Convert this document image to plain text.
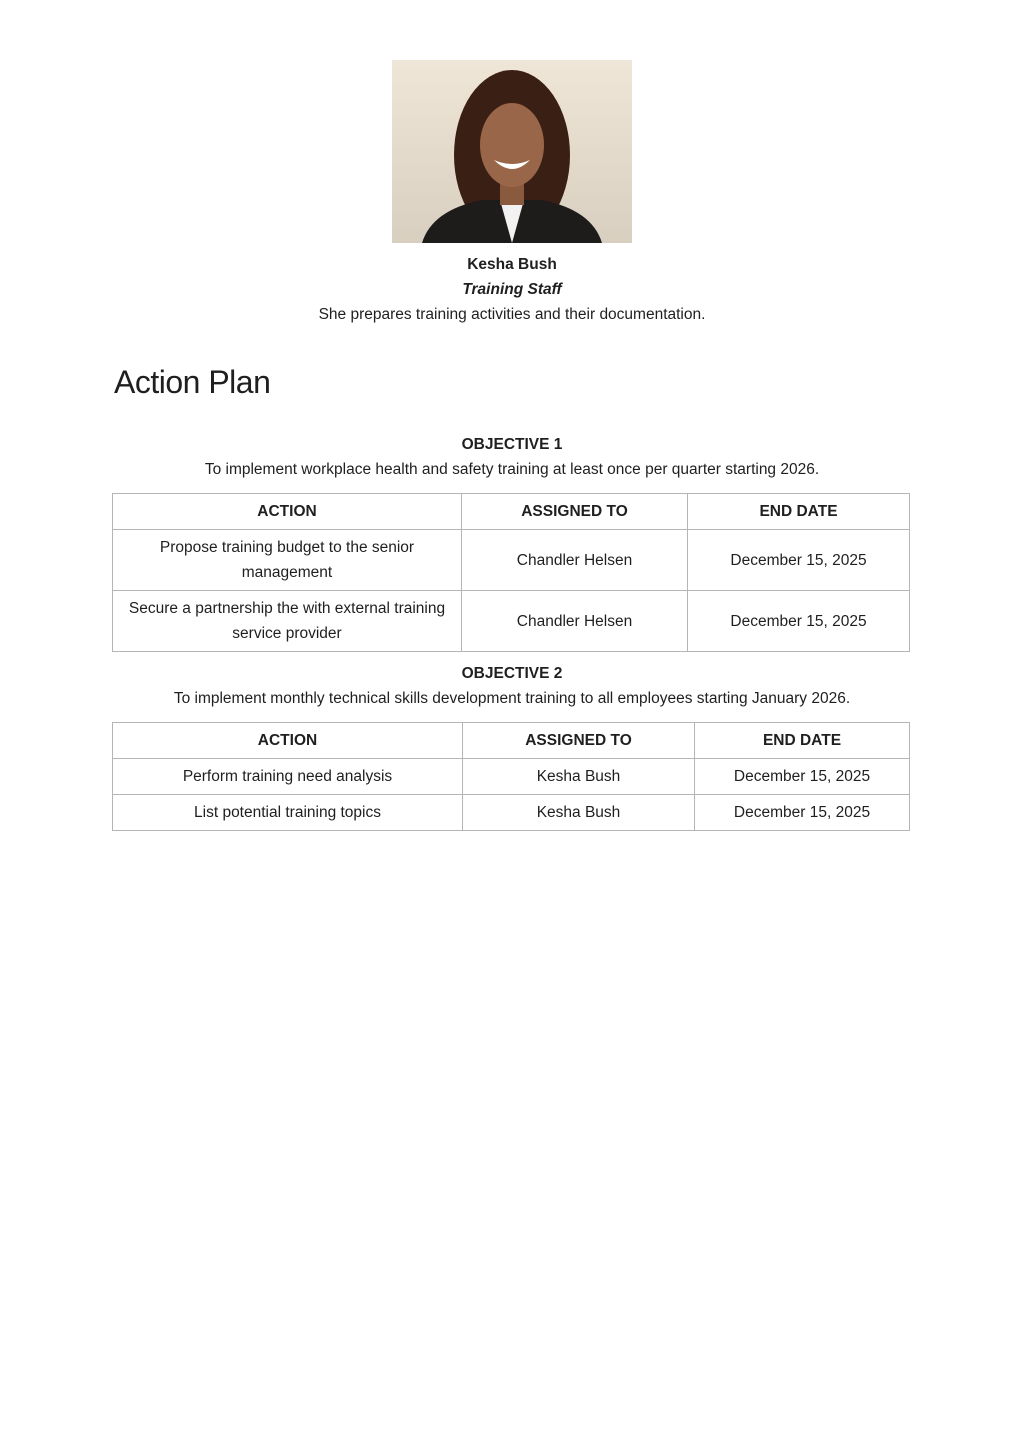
Kesha Bush
Training Staff
She prepares training activities and their documentation.
Action Plan
OBJECTIVE 1
To implement workplace health and safety training at least once per quarter starting 2026.
ACTION	ASSIGNED TO	END DATE
Propose training budget to the senior management	Chandler Helsen	December 15, 2025
Secure a partnership the with external training service provider	Chandler Helsen	December 15, 2025
OBJECTIVE 2
To implement monthly technical skills development training to all employees starting January 2026.
ACTION	ASSIGNED TO	END DATE
Perform training need analysis	Kesha Bush	December 15, 2025
List potential training topics	Kesha Bush	December 15, 2025
